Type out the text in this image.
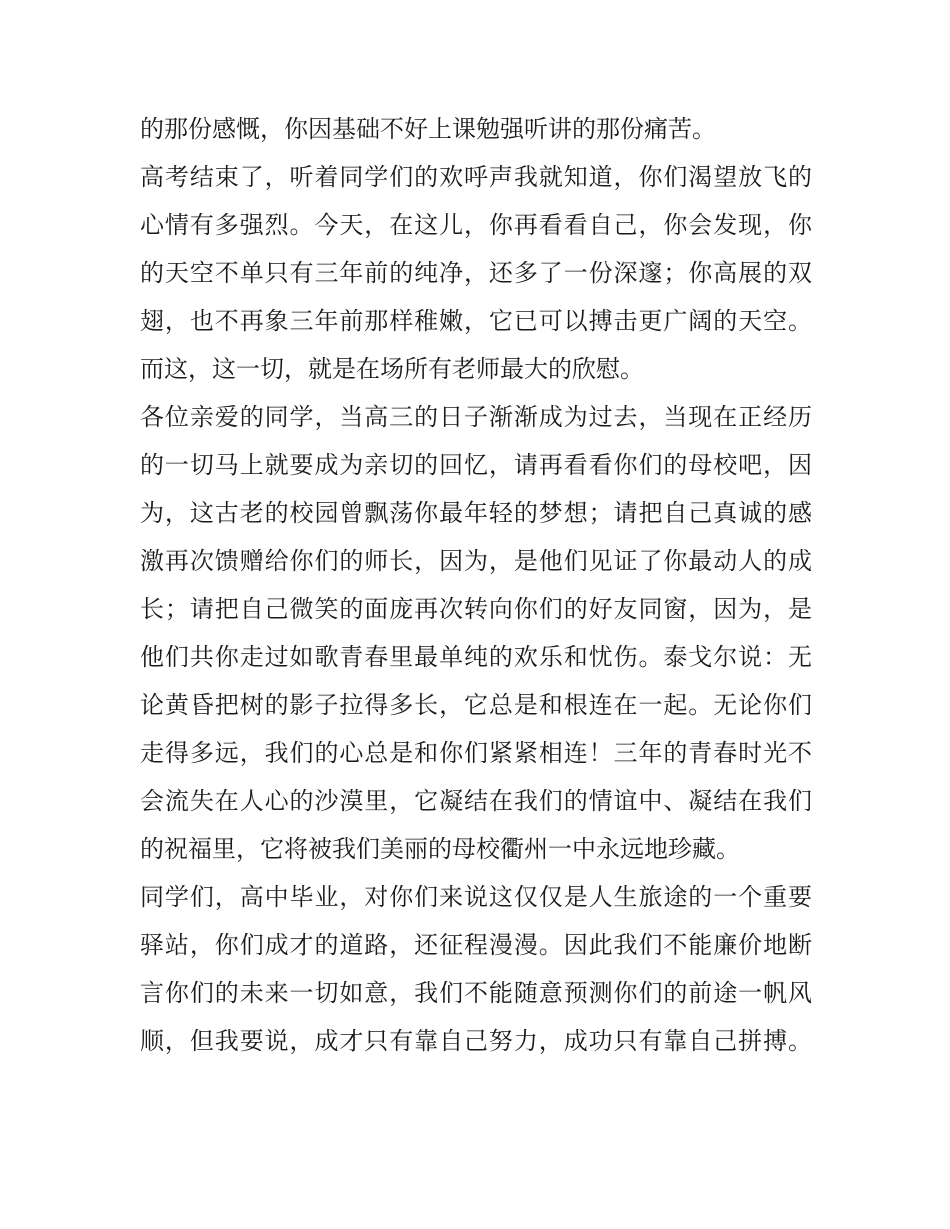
的那份感慨，你因基础不好上课勉强听讲的那份痛苦。
高考结束了，听着同学们的欢呼声我就知道，你们渴望放飞的
心情有多强烈。今天，在这儿，你再看看自己，你会发现，你
的天空不单只有三年前的纯净，还多了一份深邃；你高展的双
翅，也不再象三年前那样稚嫩，它已可以搏击更广阔的天空。
而这，这一切，就是在场所有老师最大的欣慰。
各位亲爱的同学，当高三的日子渐渐成为过去，当现在正经历
的一切马上就要成为亲切的回忆，请再看看你们的母校吧，因
为，这古老的校园曾飘荡你最年轻的梦想；请把自己真诚的感
激再次馈赠给你们的师长，因为，是他们见证了你最动人的成
长；请把自己微笑的面庞再次转向你们的好友同窗，因为，是
他们共你走过如歌青春里最单纯的欢乐和忧伤。泰戈尔说：无
论黄昏把树的影子拉得多长，它总是和根连在一起。无论你们
走得多远，我们的心总是和你们紧紧相连！三年的青春时光不
会流失在人心的沙漠里，它凝结在我们的情谊中、凝结在我们
的祝福里，它将被我们美丽的母校衢州一中永远地珍藏。
同学们，高中毕业，对你们来说这仅仅是人生旅途的一个重要
驿站，你们成才的道路，还征程漫漫。因此我们不能廉价地断
言你们的未来一切如意，我们不能随意预测你们的前途一帆风
顺，但我要说，成才只有靠自己努力，成功只有靠自己拼搏。
